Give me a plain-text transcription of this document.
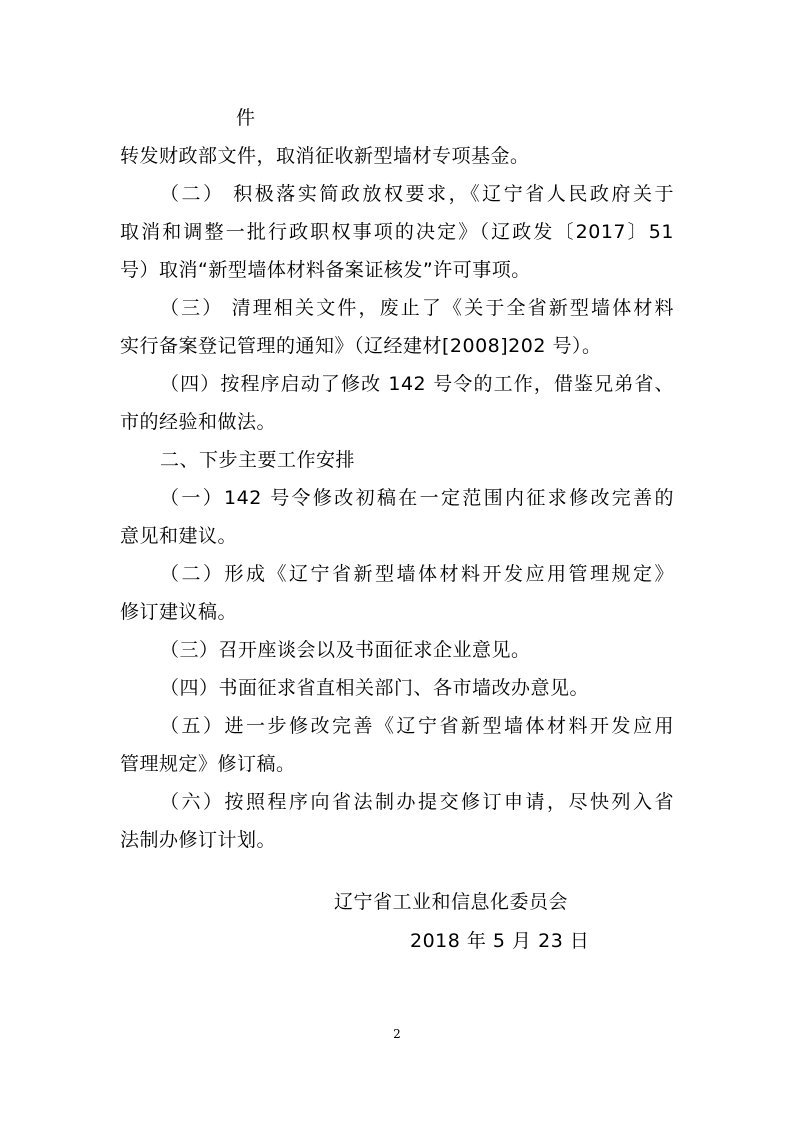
件
转发财政部文件，取消征收新型墙材专项基金。
（二） 积极落实简政放权要求，《辽宁省人民政府关于
取消和调整一批行政职权事项的决定》（辽政发〔2017〕51
号）取消“新型墙体材料备案证核发”许可事项。
（三） 清理相关文件，废止了《关于全省新型墙体材料
实行备案登记管理的通知》（辽经建材[2008]202 号）。
（四）按程序启动了修改 142 号令的工作，借鉴兄弟省、
市的经验和做法。
二、下步主要工作安排
（一）142 号令修改初稿在一定范围内征求修改完善的
意见和建议。
（二）形成《辽宁省新型墙体材料开发应用管理规定》
修订建议稿。
（三）召开座谈会以及书面征求企业意见。
（四）书面征求省直相关部门、各市墙改办意见。
（五）进一步修改完善《辽宁省新型墙体材料开发应用
管理规定》修订稿。
（六）按照程序向省法制办提交修订申请，尽快列入省
法制办修订计划。
辽宁省工业和信息化委员会
2018 年 5 月 23 日
2
